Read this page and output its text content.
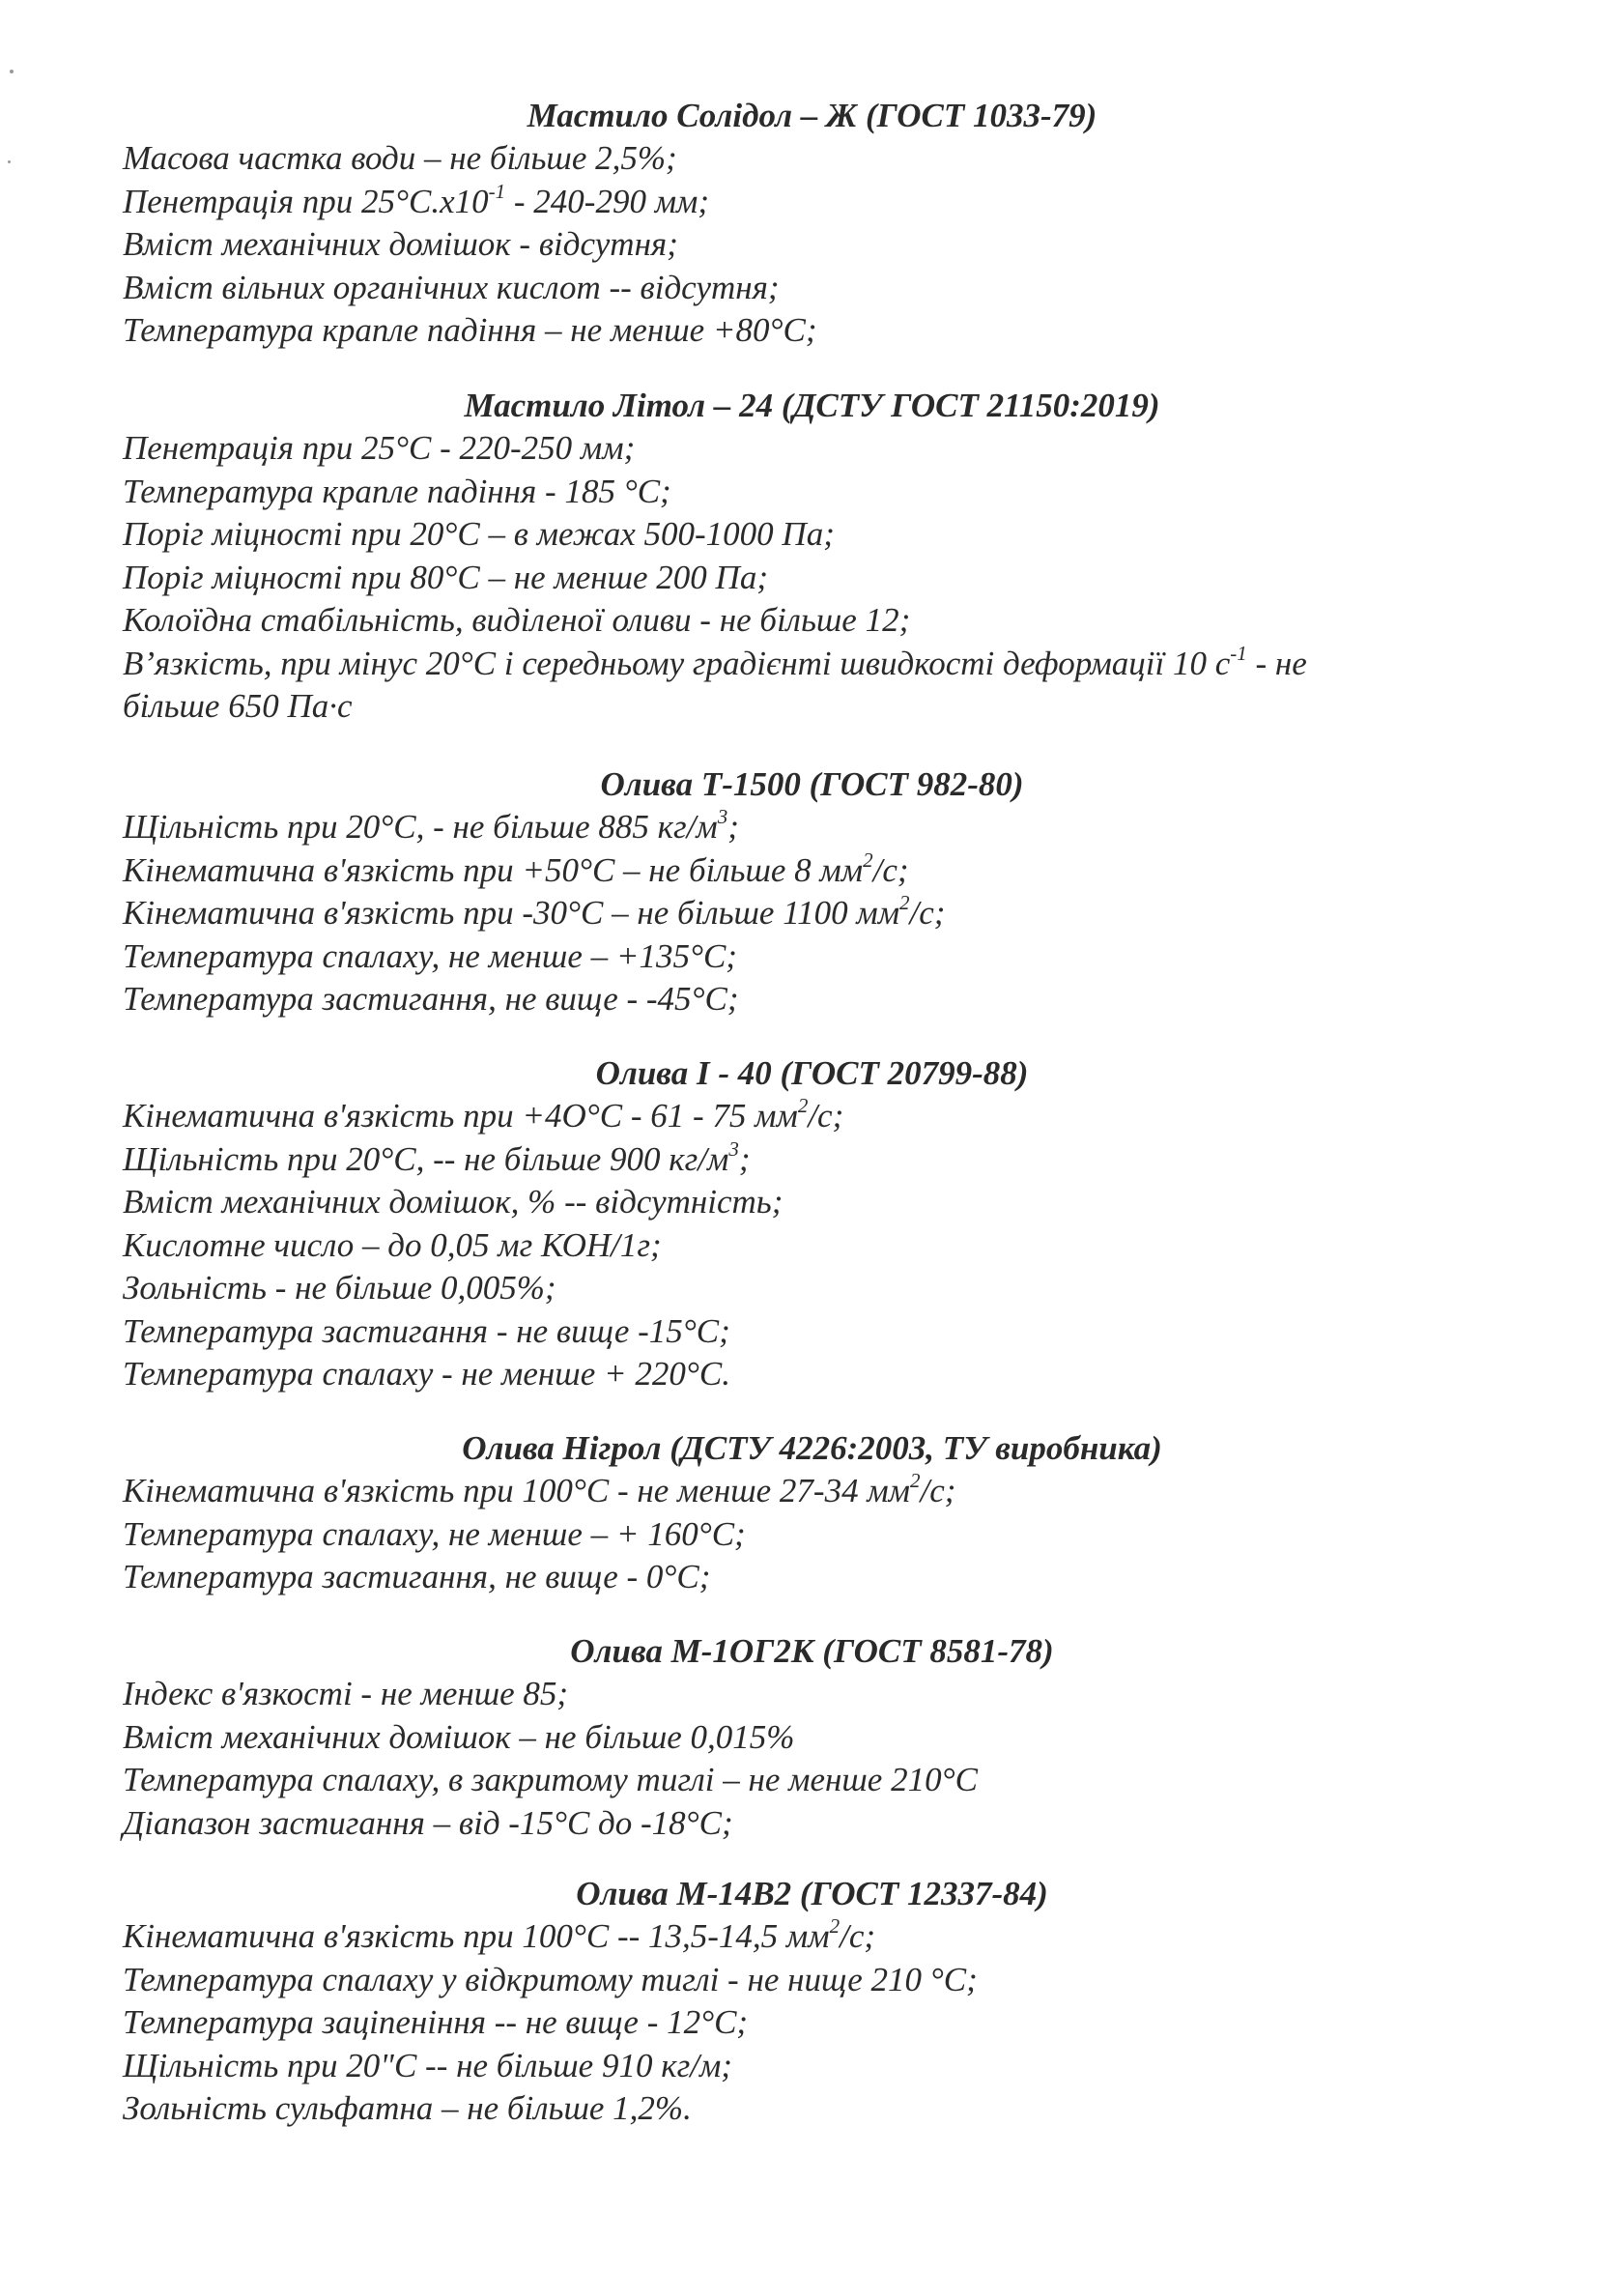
Мастило Солідол – Ж (ГОСТ 1033-79)
Масова частка води – не більше 2,5%;
Пенетрація при $25^\circ С.х10^{-1} - 240-290$ мм;
Вміст механічних домішок - відсутня;
Вміст вільних органічних кислот -- відсутня;
Температура краплe падіння – не менше +80°С;
Мастило Літол – 24 (ДСТУ ГОСТ 21150:2019)
Пенетрація при 25°С - 220-250 мм;
Температура краплe падіння - 185 °С;
Поріг міцності при 20°С – в межах 500-1000 Па;
Поріг міцності при 80°С – не менше 200 Па;
Колоїдна стабільність, виділеної оливи - не більше 12;
В’язкість, при мінус 20°С і середньому градієнті швидкості деформації 10 $с^{-1}$ - не
більше 650 Па·с
Олива Т-1500 (ГОСТ 982-80)
Щільність при 20°С, - не більше 885 $кг/м^3$;
Кінематична в'язкість при +50°С – не більше 8 $мм^2/с$;
Кінематична в'язкість при -30°С – не більше 1100 $мм^2/с$;
Температура спалаху, не менше – +135°С;
Температура застигання, не вище - -45°С;
Олива І - 40 (ГОСТ 20799-88)
Кінематична в'язкість при +4О°С - 61 - 75 $мм^2/с$;
Щільність при 20°С, -- не більше 900 $кг/м^3$;
Вміст механічних домішок, % -- відсутність;
Кислотне число – до 0,05 мг КОН/1г;
Зольність - не більше 0,005%;
Температура застигання - не вище -15°С;
Температура спалаху - не менше + 220°С.
Олива Нігрол (ДСТУ 4226:2003, ТУ виробника)
Кінематична в'язкість при 100°С - не менше 27-34 $мм^2/с$;
Температура спалаху, не менше – + 160°С;
Температура застигання, не вище - 0°С;
Олива М-1ОГ2К (ГОСТ 8581-78)
Індекс в'язкості - не менше 85;
Вміст механічних домішок – не більше 0,015%
Температура спалаху, в закритому тиглі – не менше 210°С
Діапазон застигання – від -15°С до -18°С;
Олива М-14В2 (ГОСТ 12337-84)
Кінематична в'язкість при 100°С -- 13,5-14,5 $мм^2/с$;
Температура спалаху у відкритому тиглі - не нище 210 °С;
Температура заціпеніння -- не вище - 12°С;
Щільність при 20"С -- не більше 910 кг/м;
Зольність сульфатна – не більше 1,2%.
